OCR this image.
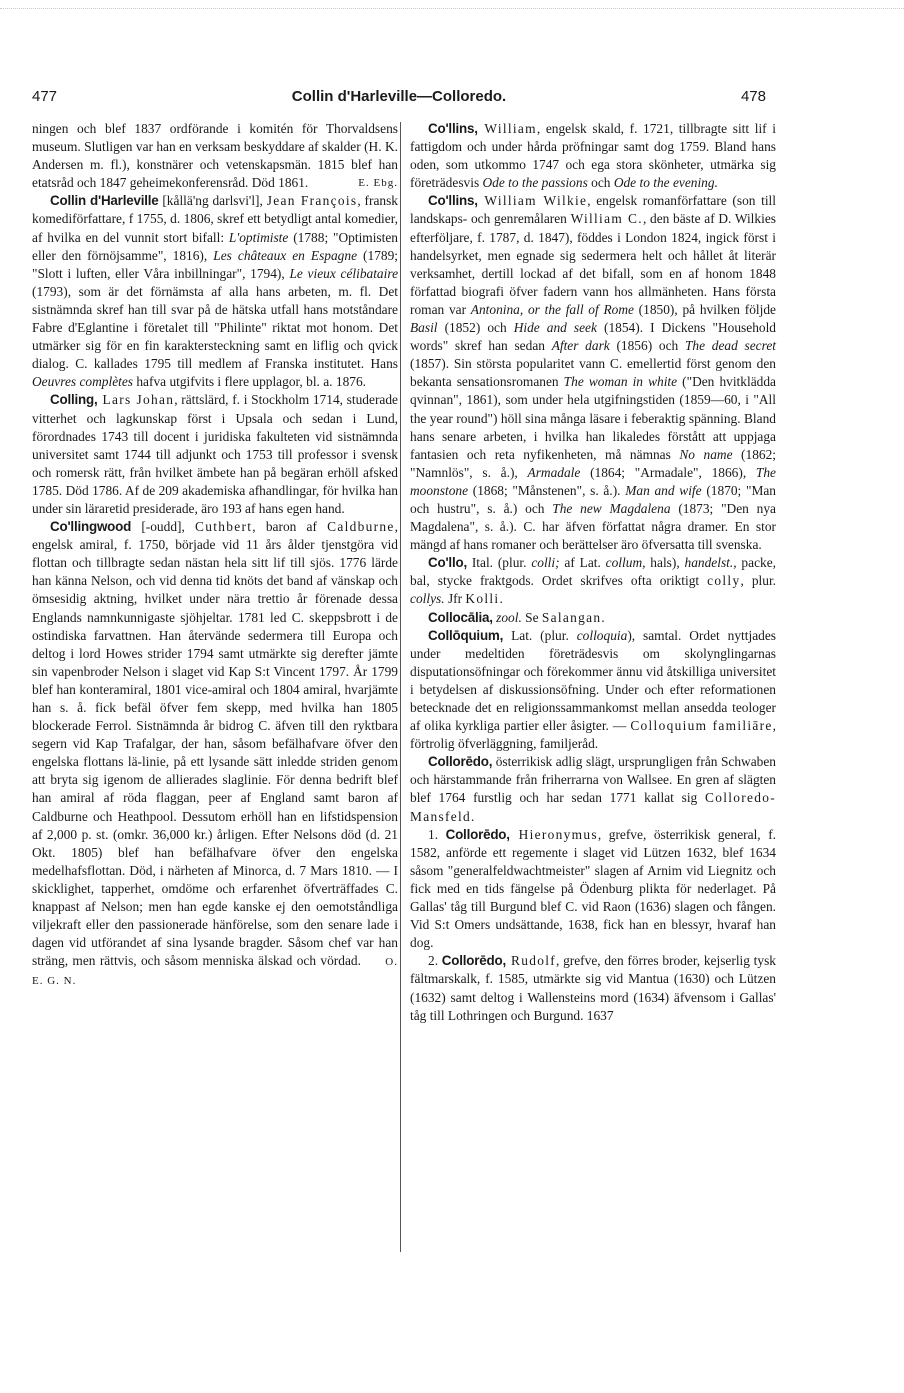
477	Collin d'Harleville—Colloredo.	478

ningen och blef 1837 ordförande i komitén för Thorvaldsens museum. Slutligen var han en verksam beskyddare af skalder (H. K. Andersen m. fl.), konstnärer och vetenskapsmän. 1815 blef han etatsråd och 1847 geheimekonferensråd. Död 1861.	E. Ebg.

Collin d'Harleville [kållä'ng darlsvi'l], Jean François, fransk komediförfattare, f 1755, d. 1806, skref ett betydligt antal komedier, af hvilka en del vunnit stort bifall: L'optimiste (1788; "Optimisten eller den förnöjsamme", 1816), Les châteaux en Espagne (1789; "Slott i luften, eller Våra inbillningar", 1794), Le vieux célibataire (1793), som är det förnämsta af alla hans arbeten, m. fl. Det sistnämnda skref han till svar på de hätska utfall hans motståndare Fabre d'Eglantine i företalet till "Philinte" riktat mot honom. Det utmärker sig för en fin karaktersteckning samt en liflig och qvick dialog. C. kallades 1795 till medlem af Franska institutet. Hans Oeuvres complètes hafva utgifvits i flere upplagor, bl. a. 1876.

Colling, Lars Johan, rättslärd, f. i Stockholm 1714, studerade vitterhet och lagkunskap först i Upsala och sedan i Lund, förordnades 1743 till docent i juridiska fakulteten vid sistnämnda universitet samt 1744 till adjunkt och 1753 till professor i svensk och romersk rätt, från hvilket ämbete han på begäran erhöll afsked 1785. Död 1786. Af de 209 akademiska afhandlingar, för hvilka han under sin läraretid presiderade, äro 193 af hans egen hand.

Co'llingwood [-oudd], Cuthbert, baron af Caldburne, engelsk amiral, f. 1750, började vid 11 års ålder tjenstgöra vid flottan och tillbragte sedan nästan hela sitt lif till sjös. 1776 lärde han känna Nelson, och vid denna tid knöts det band af vänskap och ömsesidig aktning, hvilket under nära trettio år förenade dessa Englands namnkunnigaste sjöhjeltar. 1781 led C. skeppsbrott i de ostindiska farvattnen. Han återvände sedermera till Europa och deltog i lord Howes strider 1794 samt utmärkte sig derefter jämte sin vapenbroder Nelson i slaget vid Kap S:t Vincent 1797. År 1799 blef han konteramiral, 1801 vice-amiral och 1804 amiral, hvarjämte han s. å. fick befäl öfver fem skepp, med hvilka han 1805 blockerade Ferrol. Sistnämnda år bidrog C. äfven till den ryktbara segern vid Kap Trafalgar, der han, såsom befälhafvare öfver den engelska flottans lä-linie, på ett lysande sätt inledde striden genom att bryta sig igenom de allierades slaglinie. För denna bedrift blef han amiral af röda flaggan, peer af England samt baron af Caldburne och Heathpool. Dessutom erhöll han en lifstidspension af 2,000 p. st. (omkr. 36,000 kr.) årligen. Efter Nelsons död (d. 21 Okt. 1805) blef han befälhafvare öfver den engelska medelhafsflottan. Död, i närheten af Minorca, d. 7 Mars 1810. — I skicklighet, tapperhet, omdöme och erfarenhet öfverträffades C. knappast af Nelson; men han egde kanske ej den oemotståndliga viljekraft eller den passionerade hänförelse, som den senare lade i dagen vid utförandet af sina lysande bragder. Såsom chef var han sträng, men rättvis, och såsom menniska älskad och vördad. O. E. G. N.

Co'llins, William, engelsk skald, f. 1721, tillbragte sitt lif i fattigdom och under hårda pröfningar samt dog 1759. Bland hans oden, som utkommo 1747 och ega stora skönheter, utmärka sig företrädesvis Ode to the passions och Ode to the evening.

Co'llins, William Wilkie, engelsk romanförfattare (son till landskaps- och genremålaren William C., den bäste af D. Wilkies efterföljare, f. 1787, d. 1847), föddes i London 1824, ingick först i handelsyrket, men egnade sig sedermera helt och hållet åt literär verksamhet, dertill lockad af det bifall, som en af honom 1848 författad biografi öfver fadern vann hos allmänheten. Hans första roman var Antonina, or the fall of Rome (1850), på hvilken följde Basil (1852) och Hide and seek (1854). I Dickens "Household words" skref han sedan After dark (1856) och The dead secret (1857). Sin största popularitet vann C. emellertid först genom den bekanta sensationsromanen The woman in white ("Den hvitklädda qvinnan", 1861), som under hela utgifningstiden (1859—60, i "All the year round") höll sina många läsare i feberaktig spänning. Bland hans senare arbeten, i hvilka han likaledes förstått att uppjaga fantasien och reta nyfikenheten, må nämnas No name (1862; "Namnlös", s. å.), Armadale (1864; "Armadale", 1866), The moonstone (1868; "Månstenen", s. å.). Man and wife (1870; "Man och hustru", s. å.) och The new Magdalena (1873; "Den nya Magdalena", s. å.). C. har äfven författat några dramer. En stor mängd af hans romaner och berättelser äro öfversatta till svenska.

Co'llo, Ital. (plur. colli; af Lat. collum, hals), handelst., packe, bal, stycke fraktgods. Ordet skrifves ofta oriktigt colly, plur. collys. Jfr Kolli.

Collocālia, zool. Se Salangan.

Collōquium, Lat. (plur. colloquia), samtal. Ordet nyttjades under medeltiden företrädesvis om skolynglingarnas disputationsöfningar och förekommer ännu vid åtskilliga universitet i betydelsen af diskussionsöfning. Under och efter reformationen betecknade det en religionssammankomst mellan ansedda teologer af olika kyrkliga partier eller åsigter. — Colloquium familiāre, förtrolig öfverläggning, familjeråd.

Collorēdo, österrikisk adlig slägt, ursprungligen från Schwaben och härstammande från friherrarna von Wallsee. En gren af slägten blef 1764 furstlig och har sedan 1771 kallat sig Colloredo-Mansfeld.

1. Collorēdo, Hieronymus, grefve, österrikisk general, f. 1582, anförde ett regemente i slaget vid Lützen 1632, blef 1634 såsom "generalfeldwachtmeister" slagen af Arnim vid Liegnitz och fick med en tids fängelse på Ödenburg plikta för nederlaget. På Gallas' tåg till Burgund blef C. vid Raon (1636) slagen och fången. Vid S:t Omers undsättande, 1638, fick han en blessyr, hvaraf han dog.

2. Collorēdo, Rudolf, grefve, den förres broder, kejserlig tysk fältmarskalk, f. 1585, utmärkte sig vid Mantua (1630) och Lützen (1632) samt deltog i Wallensteins mord (1634) äfvensom i Gallas' tåg till Lothringen och Burgund. 1637
